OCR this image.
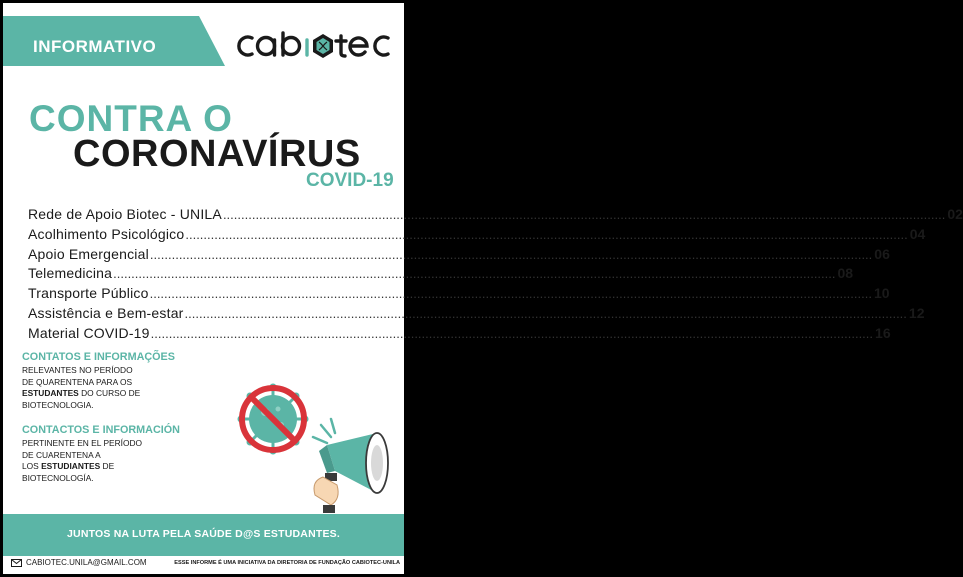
INFORMATIVO
CONTRA O
CORONAVÍRUS
COVID-19
Rede de Apoio Biotec - UNILA ........................................................................................................................................................................................................ 02
Acolhimento Psicológico ........................................................................................................................................................................................................ 04
Apoio Emergencial ........................................................................................................................................................................................................ 06
Telemedicina ........................................................................................................................................................................................................ 08
Transporte Público ........................................................................................................................................................................................................ 10
Assistência e Bem-estar ........................................................................................................................................................................................................ 12
Material COVID-19 ........................................................................................................................................................................................................ 16
CONTATOS E INFORMAÇÕES
RELEVANTES NO PERÍODO
DE QUARENTENA PARA OS
ESTUDANTES DO CURSO DE
BIOTECNOLOGIA.
CONTACTOS E INFORMACIÓN
PERTINENTE EN EL PERÍODO
DE CUARENTENA A
LOS ESTUDIANTES DE
BIOTECNOLOGÍA.
JUNTOS NA LUTA PELA SAÚDE D@S ESTUDANTES.
CABIOTEC.UNILA@GMAIL.COM	ESSE INFORME É UMA INICIATIVA DA DIRETORIA DE FUNDAÇÃO CABIOTEC-UNILA
